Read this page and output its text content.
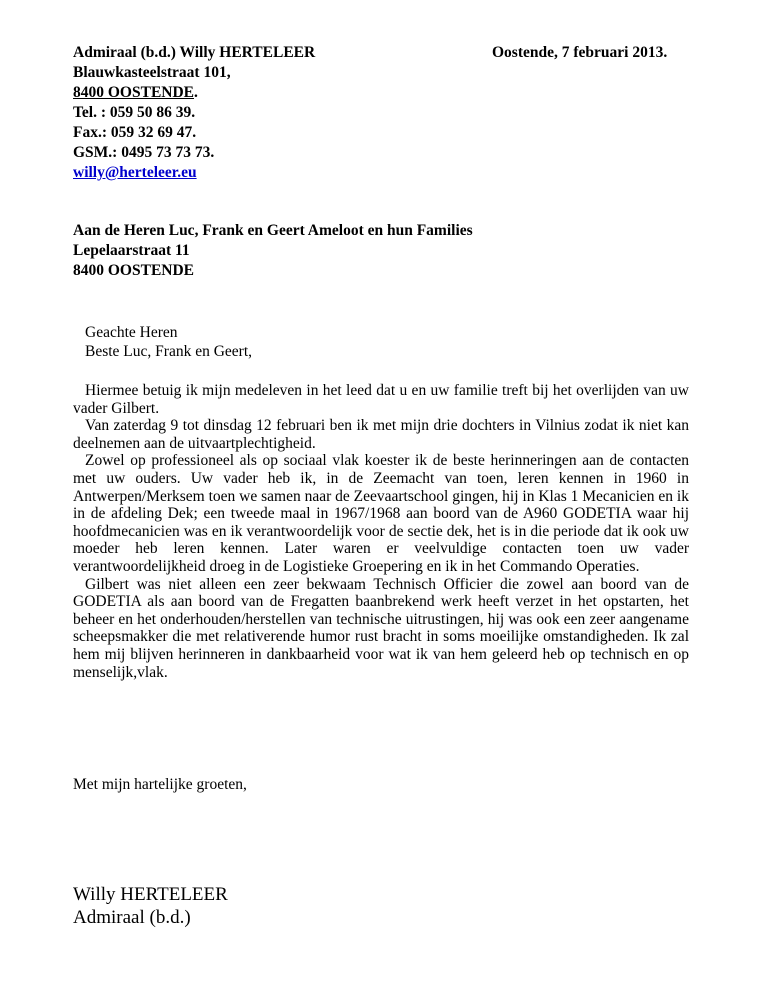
Admiraal (b.d.) Willy HERTELEER
Blauwkasteelstraat 101,
8400 OOSTENDE.
Tel. : 059 50 86 39.
Fax.: 059 32 69 47.
GSM.: 0495 73 73 73.
willy@herteleer.eu
Oostende, 7 februari 2013.
Aan de Heren Luc, Frank en Geert Ameloot en hun Families
Lepelaarstraat 11
8400 OOSTENDE
Geachte Heren
Beste Luc, Frank en Geert,

Hiermee betuig ik mijn medeleven in het leed dat u en uw familie treft bij het overlijden van uw vader Gilbert.

Van zaterdag 9 tot dinsdag 12 februari ben ik met mijn drie dochters in Vilnius zodat ik niet kan deelnemen aan de uitvaartplechtigheid.

Zowel op professioneel als op sociaal vlak koester ik de beste herinneringen aan de contacten met uw ouders. Uw vader heb ik, in de Zeemacht van toen, leren kennen in 1960 in Antwerpen/Merksem toen we samen naar de Zeevaartschool gingen, hij in Klas 1 Mecanicien en ik in de afdeling Dek; een tweede maal in 1967/1968 aan boord van de A960 GODETIA waar hij hoofdmecanicien was en ik verantwoordelijk voor de sectie dek, het is in die periode dat ik ook uw moeder heb leren kennen. Later waren er veelvuldige contacten toen uw vader verantwoordelijkheid droeg in de Logistieke Groepering en ik in het Commando Operaties.

Gilbert was niet alleen een zeer bekwaam Technisch Officier die zowel aan boord van de GODETIA als aan boord van de Fregatten baanbrekend werk heeft verzet in het opstarten, het beheer en het onderhouden/herstellen van technische uitrustingen, hij was ook een zeer aangename scheepsmakker die met relativerende humor rust bracht in soms moeilijke omstandigheden. Ik zal hem mij blijven herinneren in dankbaarheid voor wat ik van hem geleerd heb op technisch en op menselijk,vlak.

Met mijn hartelijke groeten,
Willy HERTELEER
Admiraal (b.d.)
